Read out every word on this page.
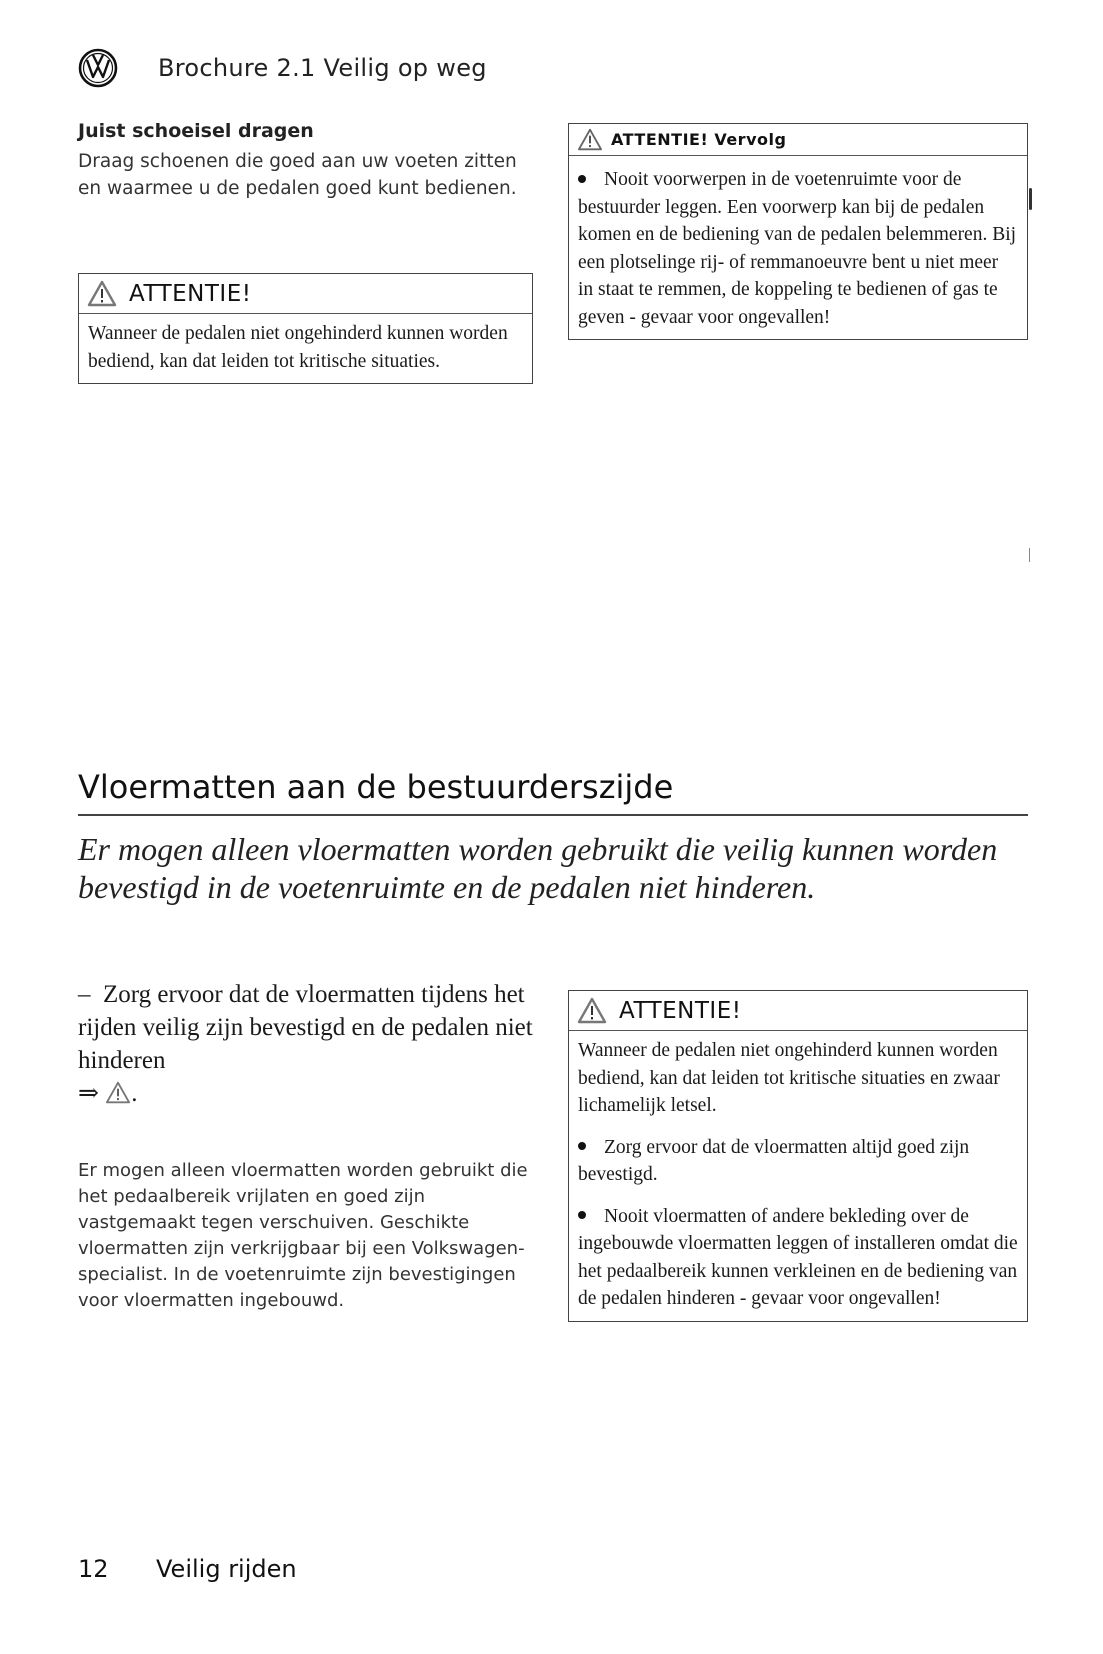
Brochure 2.1 Veilig op weg
Juist schoeisel dragen

Draag schoenen die goed aan uw voeten zitten en waarmee u de pedalen goed kunt bedienen.

ATTENTIE!

Wanneer de pedalen niet ongehinderd kunnen worden bediend, kan dat leiden tot kritische situaties.

ATTENTIE! Vervolg

Nooit voorwerpen in de voetenruimte voor de bestuurder leggen. Een voorwerp kan bij de pedalen komen en de bediening van de pedalen belemmeren. Bij een plotselinge rij- of remmanoeuvre bent u niet meer in staat te remmen, de koppeling te bedienen of gas te geven - gevaar voor ongevallen!

Vloermatten aan de bestuurderszijde

Er mogen alleen vloermatten worden gebruikt die veilig kunnen worden bevestigd in de voetenruimte en de pedalen niet hinderen.

– Zorg ervoor dat de vloermatten tijdens het rijden veilig zijn bevestigd en de pedalen niet hinderen
⇒ .

Er mogen alleen vloermatten worden gebruikt die het pedaalbereik vrijlaten en goed zijn vastgemaakt tegen verschuiven. Geschikte vloermatten zijn verkrijgbaar bij een Volkswagen-specialist. In de voetenruimte zijn bevestigingen voor vloermatten ingebouwd.

ATTENTIE!

Wanneer de pedalen niet ongehinderd kunnen worden bediend, kan dat leiden tot kritische situaties en zwaar lichamelijk letsel.

Zorg ervoor dat de vloermatten altijd goed zijn bevestigd.

Nooit vloermatten of andere bekleding over de ingebouwde vloermatten leggen of installeren omdat die het pedaalbereik kunnen verkleinen en de bediening van de pedalen hinderen - gevaar voor ongevallen!

12	Veilig rijden
